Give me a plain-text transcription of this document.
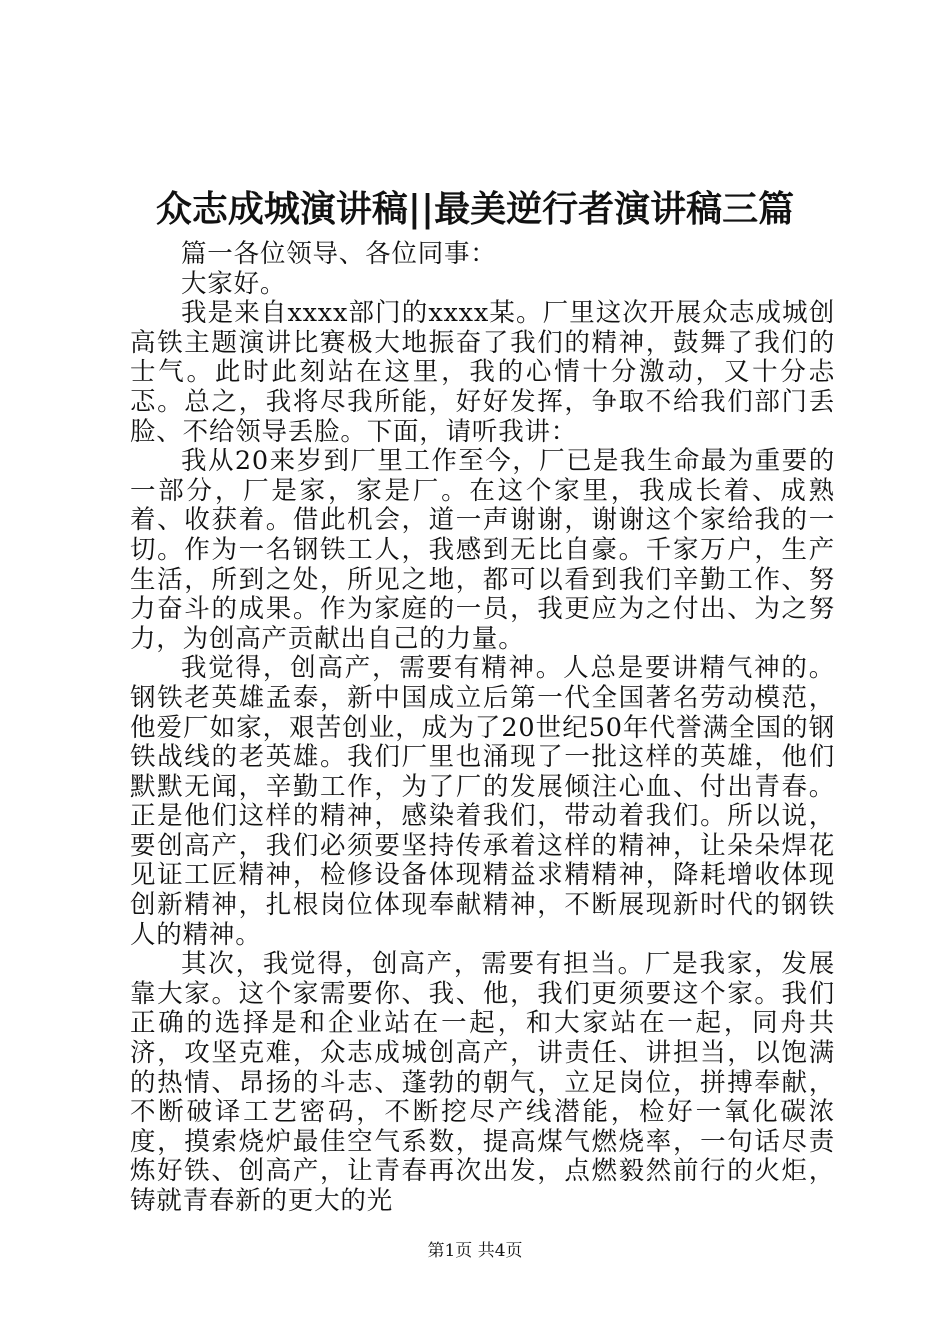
众志成城演讲稿||最美逆行者演讲稿三篇

篇一各位领导、各位同事：

大家好。

我是来自xxxx部门的xxxx某。厂里这次开展众志成城创高铁主题演讲比赛极大地振奋了我们的精神，鼓舞了我们的士气。此时此刻站在这里，我的心情十分激动，又十分忐忑。总之，我将尽我所能，好好发挥，争取不给我们部门丢脸、不给领导丢脸。下面，请听我讲：

我从20来岁到厂里工作至今，厂已是我生命最为重要的一部分，厂是家，家是厂。在这个家里，我成长着、成熟着、收获着。借此机会，道一声谢谢，谢谢这个家给我的一切。作为一名钢铁工人，我感到无比自豪。千家万户，生产生活，所到之处，所见之地，都可以看到我们辛勤工作、努力奋斗的成果。作为家庭的一员，我更应为之付出、为之努力，为创高产贡献出自己的力量。

我觉得，创高产，需要有精神。人总是要讲精气神的。钢铁老英雄孟泰，新中国成立后第一代全国著名劳动模范，他爱厂如家，艰苦创业，成为了20世纪50年代誉满全国的钢铁战线的老英雄。我们厂里也涌现了一批这样的英雄，他们默默无闻，辛勤工作，为了厂的发展倾注心血、付出青春。正是他们这样的精神，感染着我们，带动着我们。所以说，要创高产，我们必须要坚持传承着这样的精神，让朵朵焊花见证工匠精神，检修设备体现精益求精精神，降耗增收体现创新精神，扎根岗位体现奉献精神，不断展现新时代的钢铁人的精神。

其次，我觉得，创高产，需要有担当。厂是我家，发展靠大家。这个家需要你、我、他，我们更须要这个家。我们正确的选择是和企业站在一起，和大家站在一起，同舟共济，攻坚克难，众志成城创高产，讲责任、讲担当，以饱满的热情、昂扬的斗志、蓬勃的朝气，立足岗位，拼搏奉献，不断破译工艺密码，不断挖尽产线潜能，检好一氧化碳浓度，摸索烧炉最佳空气系数，提高煤气燃烧率，一句话尽责炼好铁、创高产，让青春再次出发，点燃毅然前行的火炬，铸就青春新的更大的光

第1页 共4页
